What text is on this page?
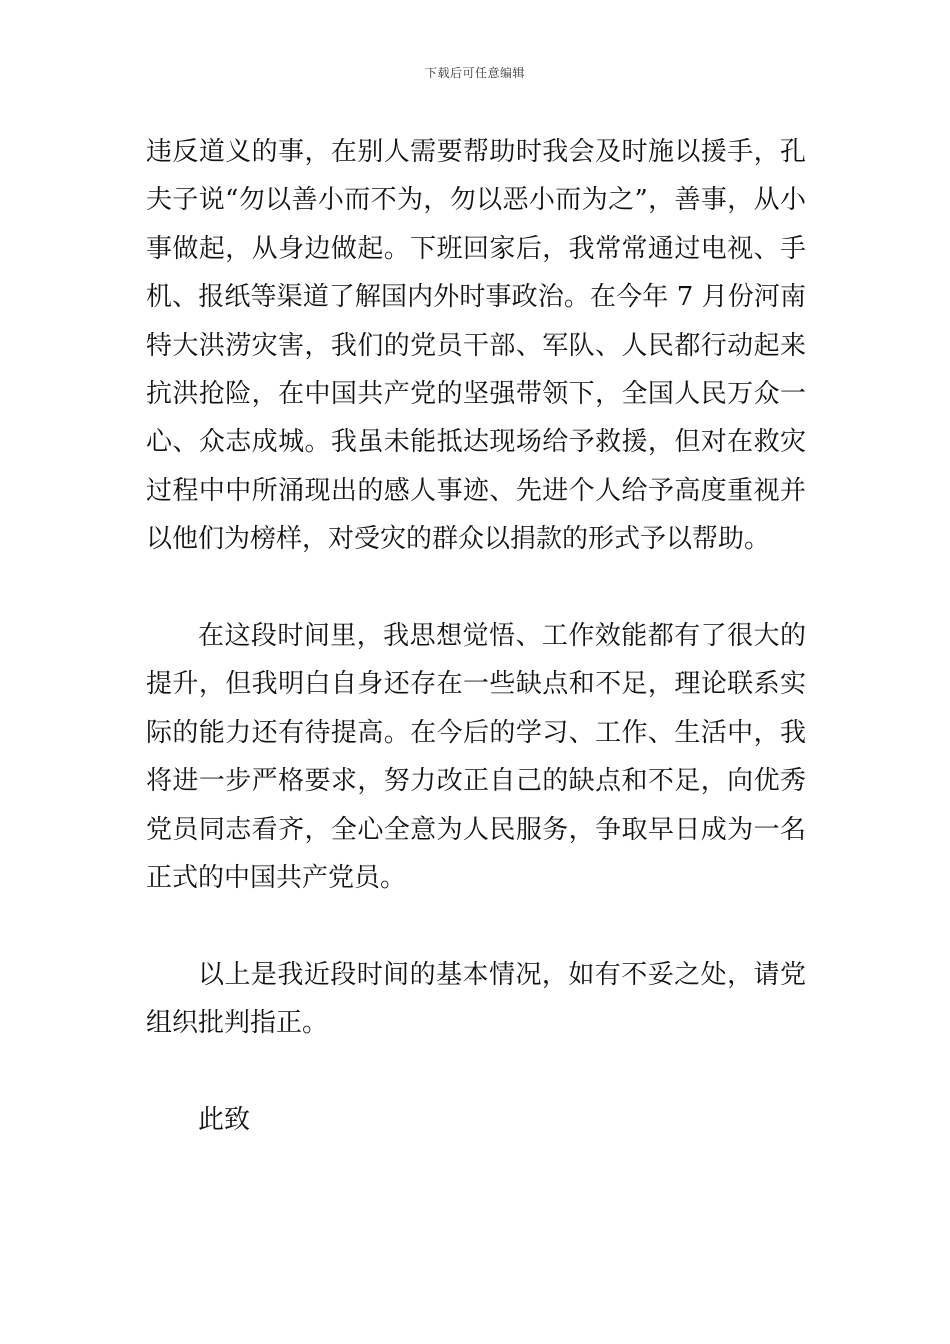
下载后可任意编辑

违反道义的事，在别人需要帮助时我会及时施以援手，孔夫子说“勿以善小而不为，勿以恶小而为之”，善事，从小事做起，从身边做起。下班回家后，我常常通过电视、手机、报纸等渠道了解国内外时事政治。在今年 7 月份河南特大洪涝灾害，我们的党员干部、军队、人民都行动起来抗洪抢险，在中国共产党的坚强带领下，全国人民万众一心、众志成城。我虽未能抵达现场给予救援，但对在救灾过程中中所涌现出的感人事迹、先进个人给予高度重视并以他们为榜样，对受灾的群众以捐款的形式予以帮助。

在这段时间里，我思想觉悟、工作效能都有了很大的提升，但我明白自身还存在一些缺点和不足，理论联系实际的能力还有待提高。在今后的学习、工作、生活中，我将进一步严格要求，努力改正自己的缺点和不足，向优秀党员同志看齐，全心全意为人民服务，争取早日成为一名正式的中国共产党员。

以上是我近段时间的基本情况，如有不妥之处，请党组织批判指正。

此致
